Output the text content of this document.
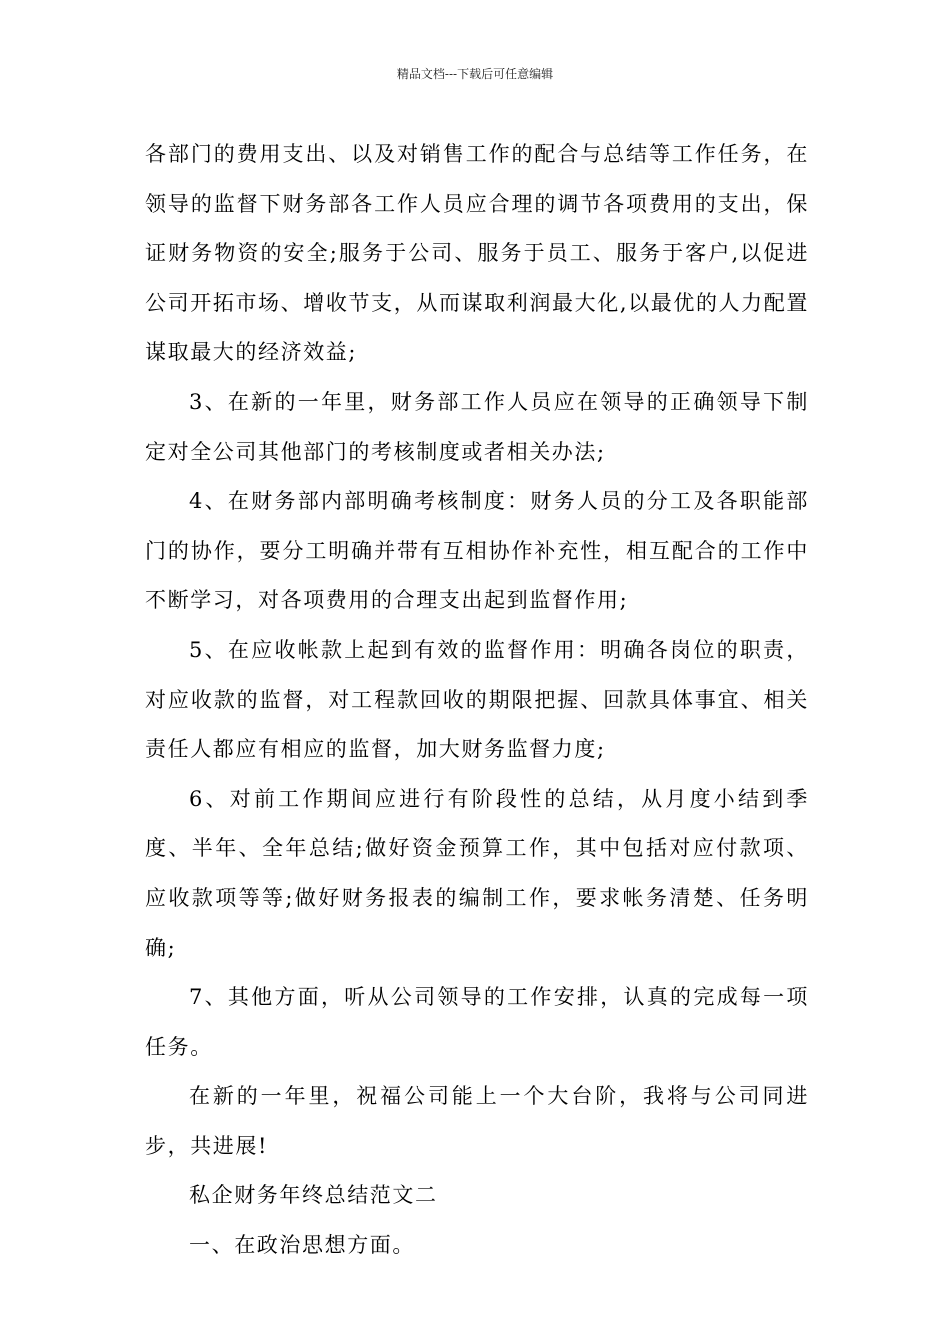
精品文档---下载后可任意编辑

各部门的费用支出、以及对销售工作的配合与总结等工作任务，在领导的监督下财务部各工作人员应合理的调节各项费用的支出，保证财务物资的安全;服务于公司、服务于员工、服务于客户,以促进公司开拓市场、增收节支，从而谋取利润最大化,以最优的人力配置谋取最大的经济效益;

3、在新的一年里，财务部工作人员应在领导的正确领导下制定对全公司其他部门的考核制度或者相关办法;

4、在财务部内部明确考核制度：财务人员的分工及各职能部门的协作，要分工明确并带有互相协作补充性，相互配合的工作中不断学习，对各项费用的合理支出起到监督作用;

5、在应收帐款上起到有效的监督作用：明确各岗位的职责，对应收款的监督，对工程款回收的期限把握、回款具体事宜、相关责任人都应有相应的监督，加大财务监督力度;

6、对前工作期间应进行有阶段性的总结，从月度小结到季度、半年、全年总结;做好资金预算工作，其中包括对应付款项、应收款项等等;做好财务报表的编制工作，要求帐务清楚、任务明确;

7、其他方面，听从公司领导的工作安排，认真的完成每一项任务。

在新的一年里，祝福公司能上一个大台阶，我将与公司同进步，共进展!

私企财务年终总结范文二

一、在政治思想方面。
